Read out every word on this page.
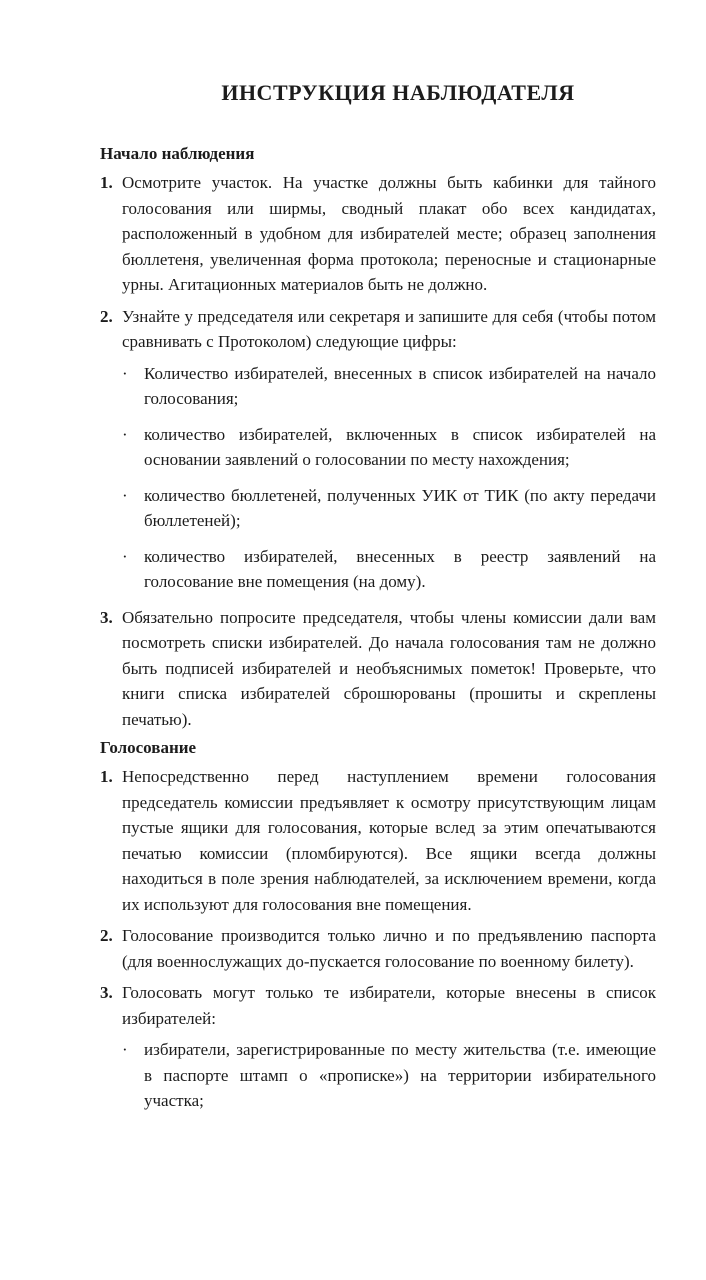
ИНСТРУКЦИЯ НАБЛЮДАТЕЛЯ
Начало наблюдения
1. Осмотрите участок. На участке должны быть кабинки для тайного голосования или ширмы, сводный плакат обо всех кандидатах, расположенный в удобном для избирателей месте; образец заполнения бюллетеня, увеличенная форма протокола; переносные и стационарные урны. Агитационных материалов быть не должно.
2. Узнайте у председателя или секретаря и запишите для себя (чтобы потом сравнивать с Протоколом) следующие цифры:
· Количество избирателей, внесенных в список избирателей на начало голосования;
· количество избирателей, включенных в список избирателей на основании заявлений о голосовании по месту нахождения;
· количество бюллетеней, полученных УИК от ТИК (по акту передачи бюллетеней);
· количество избирателей, внесенных в реестр заявлений на голосование вне помещения (на дому).
3. Обязательно попросите председателя, чтобы члены комиссии дали вам посмотреть списки избирателей. До начала голосования там не должно быть подписей избирателей и необъяснимых пометок! Проверьте, что книги списка избирателей сброшюрованы (прошиты и скреплены печатью).
Голосование
1. Непосредственно перед наступлением времени голосования председатель комиссии предъявляет к осмотру присутствующим лицам пустые ящики для голосования, которые вслед за этим опечатываются печатью комиссии (пломбируются). Все ящики всегда должны находиться в поле зрения наблюдателей, за исключением времени, когда их используют для голосования вне помещения.
2. Голосование производится только лично и по предъявлению паспорта (для военнослужащих до-пускается голосование по военному билету).
3. Голосовать могут только те избиратели, которые внесены в список избирателей:
· избиратели, зарегистрированные по месту жительства (т.е. имеющие в паспорте штамп о «прописке») на территории избирательного участка;
